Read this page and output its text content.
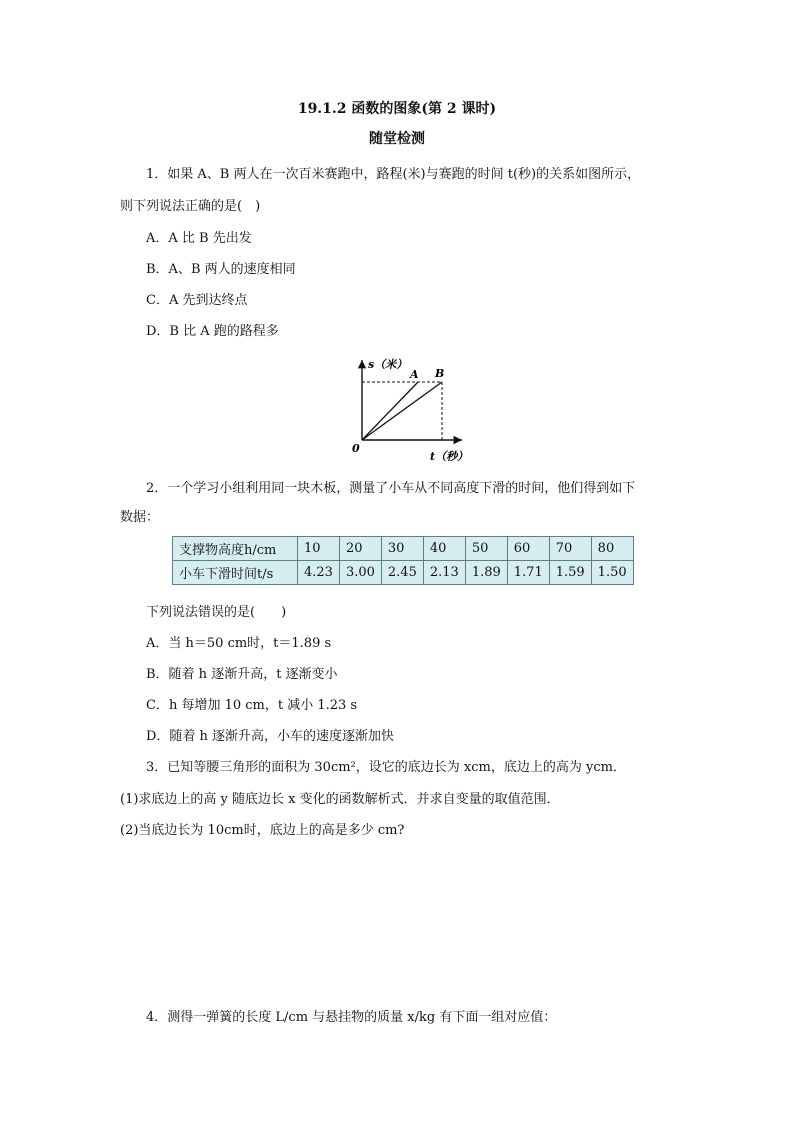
19.1.2 函数的图象(第 2 课时)
随堂检测
1．如果 A、B 两人在一次百米赛跑中，路程(米)与赛跑的时间 t(秒)的关系如图所示，
则下列说法正确的是(　)
A．A 比 B 先出发
B．A、B 两人的速度相同
C．A 先到达终点
D．B 比 A 跑的路程多
s（米）
A B
0
t（秒）
2．一个学习小组利用同一块木板，测量了小车从不同高度下滑的时间，他们得到如下
数据：
支撑物高度h/cm	10	20	30	40	50	60	70	80
小车下滑时间t/s	4.23	3.00	2.45	2.13	1.89	1.71	1.59	1.50
下列说法错误的是(　　)
A．当 h＝50 cm时，t＝1.89 s
B．随着 h 逐渐升高，t 逐渐变小
C．h 每增加 10 cm，t 减小 1.23 s
D．随着 h 逐渐升高，小车的速度逐渐加快
3．已知等腰三角形的面积为 30cm²，设它的底边长为 xcm，底边上的高为 ycm．
(1)求底边上的高 y 随底边长 x 变化的函数解析式．并求自变量的取值范围．
(2)当底边长为 10cm时，底边上的高是多少 cm?
4．测得一弹簧的长度 L/cm 与悬挂物的质量 x/kg 有下面一组对应值：
